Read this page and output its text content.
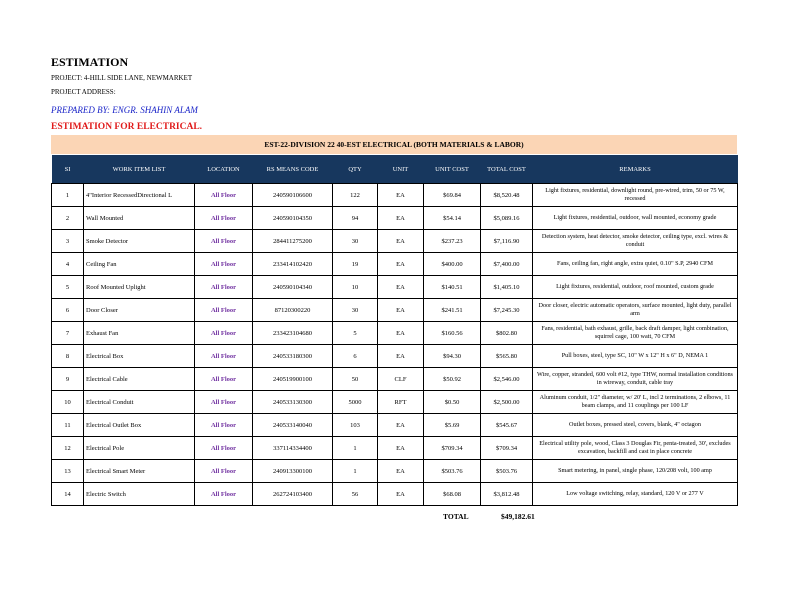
ESTIMATION
PROJECT: 4-HILL SIDE LANE, NEWMARKET
PROJECT ADDRESS:
PREPARED BY: ENGR. SHAHIN ALAM
ESTIMATION FOR ELECTRICAL.
EST-22-DIVISION 22 40-EST ELECTRICAL (BOTH MATERIALS & LABOR)
SI	WORK ITEM LIST	LOCATION	RS MEANS CODE	QTY	UNIT	UNIT COST	TOTAL COST	REMARKS
1	4"Interior RecessedDirectional L	All Floor	240590106600	122	EA	$69.84	$8,520.48	Light fixtures, residential, downlight round, pre-wired, trim, 50 or 75 W, recessed
2	Wall Mounted	All Floor	240590104350	94	EA	$54.14	$5,089.16	Light fixtures, residential, outdoor, wall mounted, economy grade
3	Smoke Detector	All Floor	284411275200	30	EA	$237.23	$7,116.90	Detection system, heat detector, smoke detector, ceiling type, excl. wires & conduit
4	Ceiling Fan	All Floor	233414102420	19	EA	$400.00	$7,400.00	Fans, ceiling fan, right angle, extra quiet, 0.10" S.P, 2940 CFM
5	Roof Mounted Uplight	All Floor	240590104340	10	EA	$140.51	$1,405.10	Light fixtures, residential, outdoor, roof mounted, custom grade
6	Door Closer	All Floor	87120300220	30	EA	$241.51	$7,245.30	Door closer, electric automatic operators, surface mounted, light duty, parallel arm
7	Exhaust Fan	All Floor	233423104680	5	EA	$160.56	$802.80	Fans, residential, bath exhaust, grille, back draft damper, light combination, squirrel cage, 100 watt, 70 CFM
8	Electrical Box	All Floor	240533180300	6	EA	$94.30	$565.80	Pull boxes, steel, type SC, 10" W x 12" H x 6" D, NEMA 1
9	Electrical Cable	All Floor	240519900100	50	CLF	$50.92	$2,546.00	Wire, copper, stranded, 600 volt #12, type THW, normal installation conditions in wireway, conduit, cable tray
10	Electrical Conduit	All Floor	240533130300	5000	RFT	$0.50	$2,500.00	Aluminum conduit, 1/2" diameter, w/ 20' L, incl 2 terminations, 2 elbows, 11 beam clamps, and 11 couplings per 100 LF
11	Electrical Outlet Box	All Floor	240533140040	103	EA	$5.69	$545.67	Outlet boxes, pressed steel, covers, blank, 4" octagon
12	Electrical Pole	All Floor	337114334400	1	EA	$709.34	$709.34	Electrical utility pole, wood, Class 3 Douglas Fir, penta-treated, 30', excludes excavation, backfill and cast in place concrete
13	Electrical Smart Meter	All Floor	240913300100	1	EA	$503.76	$503.76	Smart metering, in panel, single phase, 120/208 volt, 100 amp
14	Electric Switch	All Floor	262724103400	56	EA	$68.08	$3,812.48	Low voltage switching, relay, standard, 120 V or 277 V
TOTAL	$49,182.61
